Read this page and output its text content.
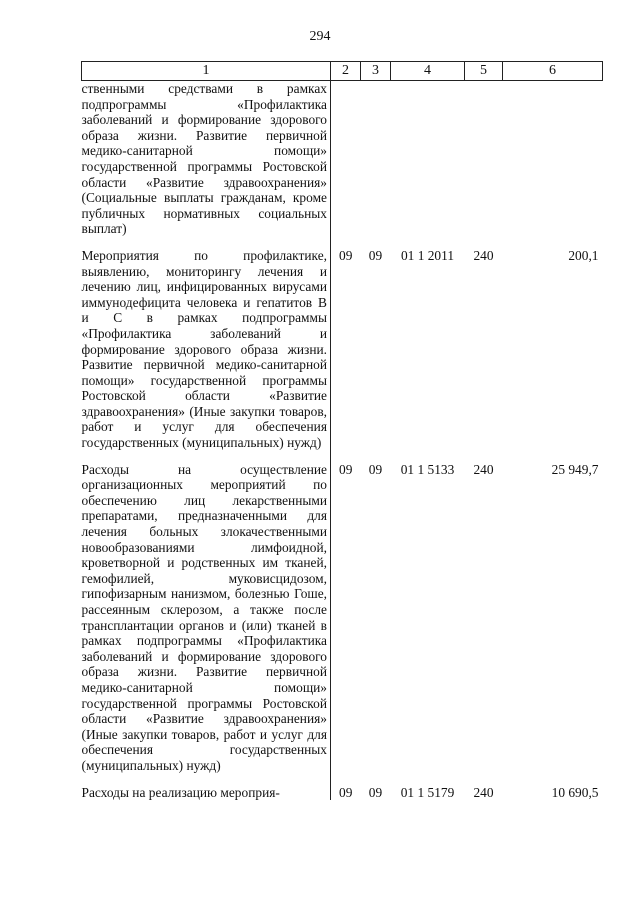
294
1	2	3	4	5	6
ственными средствами в рамках подпрограммы «Профилактика заболеваний и формирование здорового образа жизни. Развитие первичной медико-санитарной помощи» государственной программы Ростовской области «Развитие здравоохранения» (Социальные выплаты гражданам, кроме публичных нормативных социальных выплат)					
Мероприятия по профилактике, выявлению, мониторингу лечения и лечению лиц, инфицированных вирусами иммунодефицита человека и гепатитов В и С в рамках подпрограммы «Профилактика заболеваний и формирование здорового образа жизни. Развитие первичной медико-санитарной помощи» государственной программы Ростовской области «Развитие здравоохранения» (Иные закупки товаров, работ и услуг для обеспечения государственных (муниципальных) нужд)	09	09	01 1 2011	240	200,1
Расходы на осуществление организационных мероприятий по обеспечению лиц лекарственными препаратами, предназначенными для лечения больных злокачественными новообразованиями лимфоидной, кроветворной и родственных им тканей, гемофилией, муковисцидозом, гипофизарным нанизмом, болезнью Гоше, рассеянным склерозом, а также после трансплантации органов и (или) тканей в рамках подпрограммы «Профилактика заболеваний и формирование здорового образа жизни. Развитие первичной медико-санитарной помощи» государственной программы Ростовской области «Развитие здравоохранения» (Иные закупки товаров, работ и услуг для обеспечения государственных (муниципальных) нужд)	09	09	01 1 5133	240	25 949,7
Расходы на реализацию мероприя-	09	09	01 1 5179	240	10 690,5
